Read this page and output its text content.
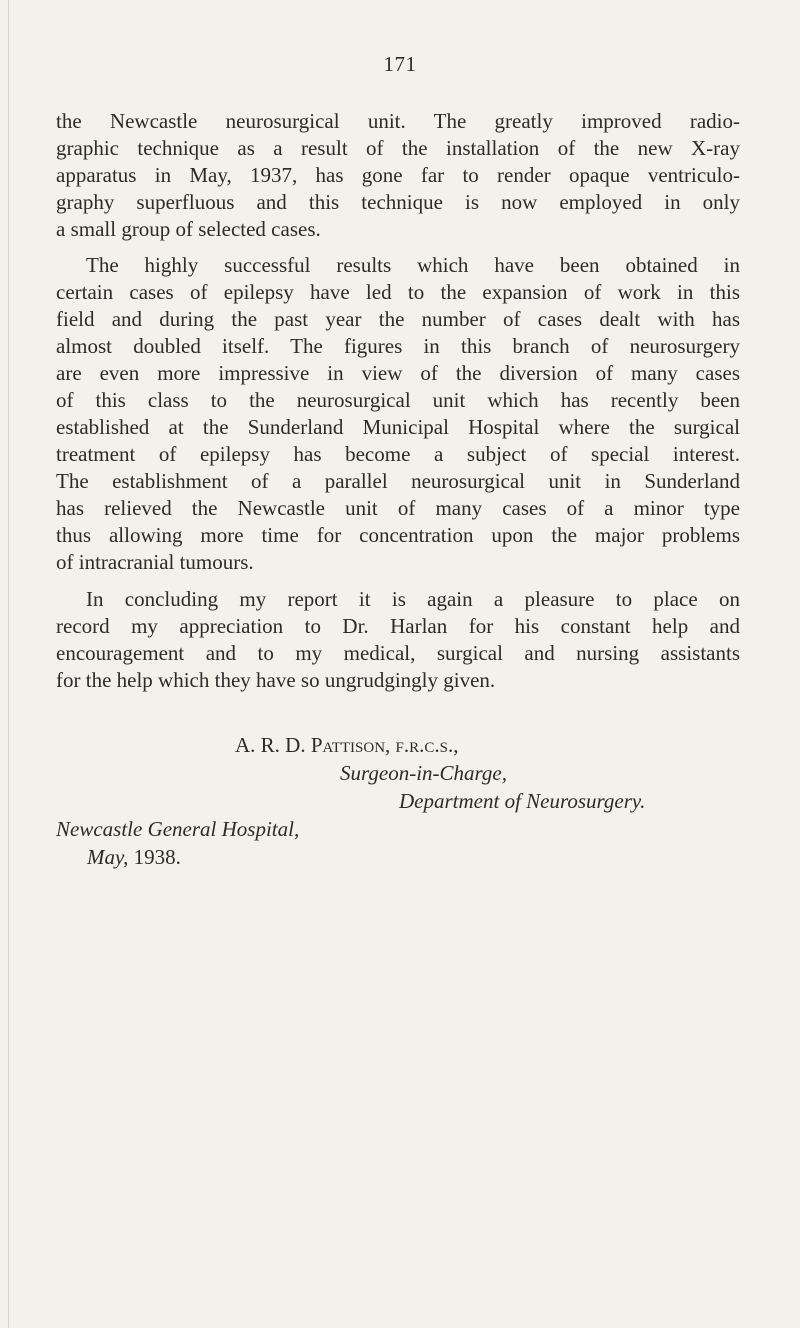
171
the Newcastle neurosurgical unit. The greatly improved radio-
graphic technique as a result of the installation of the new X-ray
apparatus in May, 1937, has gone far to render opaque ventriculo-
graphy superfluous and this technique is now employed in only
a small group of selected cases.
The highly successful results which have been obtained in
certain cases of epilepsy have led to the expansion of work in this
field and during the past year the number of cases dealt with has
almost doubled itself. The figures in this branch of neurosurgery
are even more impressive in view of the diversion of many cases
of this class to the neurosurgical unit which has recently been
established at the Sunderland Municipal Hospital where the surgical
treatment of epilepsy has become a subject of special interest.
The establishment of a parallel neurosurgical unit in Sunderland
has relieved the Newcastle unit of many cases of a minor type
thus allowing more time for concentration upon the major problems
of intracranial tumours.
In concluding my report it is again a pleasure to place on
record my appreciation to Dr. Harlan for his constant help and
encouragement and to my medical, surgical and nursing assistants
for the help which they have so ungrudgingly given.
A. R. D. Pattison, f.r.c.s.,
Surgeon-in-Charge,
Department of Neurosurgery.
Newcastle General Hospital,
May, 1938.
